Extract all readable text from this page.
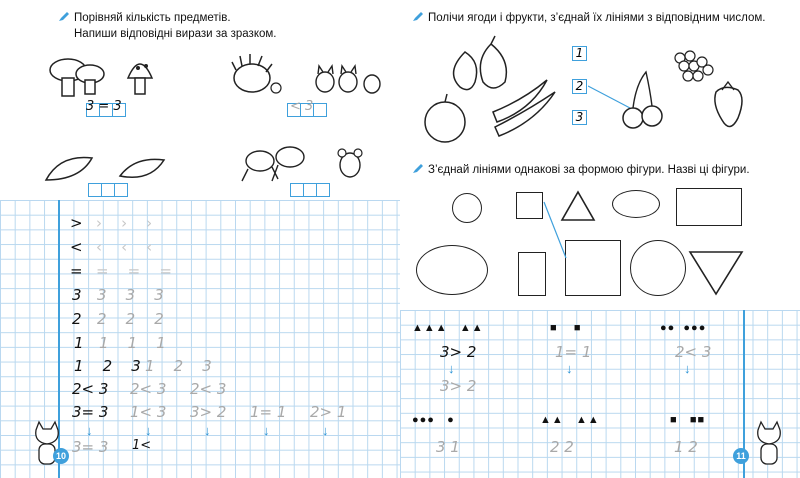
Порівняй кількість предметів.
Напиши відповідні вирази за зразком.
3 = 3	< 3
> › › ›
< ‹ ‹ ‹
= = = =
3 3 3 3
2 2 2 2
1 1 1 1
1 2 3 1 2 3
2< 3 2< 3 2< 3
3= 3 1< 3 3> 2 1= 1 2> 1
↓	↓	↓	↓	↓
3= 3 1<
10
Полічи ягоди і фрукти, з’єднай їх лініями з відповідним числом.
1
2
3
З’єднай лініями однакові за формою фігури. Назві ці фігури.
▲▲▲   ▲▲	■    ■	●●  ●●●
3> 2	1= 1	2< 3
↓	↓	↓
3> 2
●●●   ●	▲▲   ▲▲	■   ■■
3 1	2 2	1 2	11
